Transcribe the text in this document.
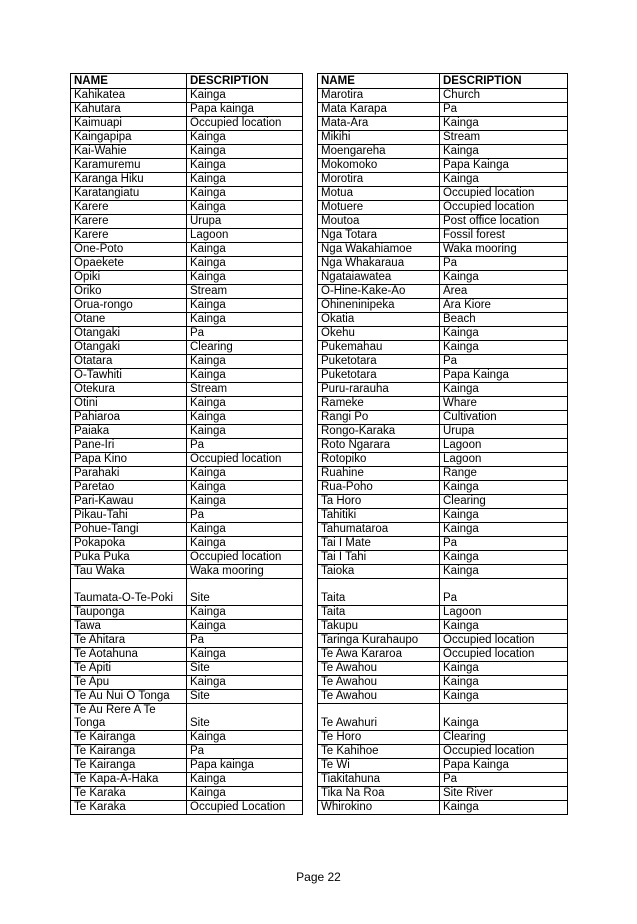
NAME	DESCRIPTION
Kahikatea	Kainga
Kahutara	Papa kainga
Kaimuapi	Occupied location
Kaingapipa	Kainga
Kai-Wahie	Kainga
Karamuremu	Kainga
Karanga Hiku	Kainga
Karatangiatu	Kainga
Karere	Kainga
Karere	Urupa
Karere	Lagoon
One-Poto	Kainga
Opaekete	Kainga
Opiki	Kainga
Oriko	Stream
Orua-rongo	Kainga
Otane	Kainga
Otangaki	Pa
Otangaki	Clearing
Otatara	Kainga
O-Tawhiti	Kainga
Otekura	Stream
Otini	Kainga
Pahiaroa	Kainga
Paiaka	Kainga
Pane-Iri	Pa
Papa Kino	Occupied location
Parahaki	Kainga
Paretao	Kainga
Pari-Kawau	Kainga
Pikau-Tahi	Pa
Pohue-Tangi	Kainga
Pokapoka	Kainga
Puka Puka	Occupied location
Tau Waka	Waka mooring
Taumata-O-Te-Poki	Site
Tauponga	Kainga
Tawa	Kainga
Te Ahitara	Pa
Te Aotahuna	Kainga
Te Apiti	Site
Te Apu	Kainga
Te Au Nui O Tonga	Site
Te Au Rere A Te Tonga	Site
Te Kairanga	Kainga
Te Kairanga	Pa
Te Kairanga	Papa kainga
Te Kapa-A-Haka	Kainga
Te Karaka	Kainga
Te Karaka	Occupied Location
NAME	DESCRIPTION
Marotira	Church
Mata Karapa	Pa
Mata-Ara	Kainga
Mikihi	Stream
Moengareha	Kainga
Mokomoko	Papa Kainga
Morotira	Kainga
Motua	Occupied location
Motuere	Occupied location
Moutoa	Post office location
Nga Totara	Fossil forest
Nga Wakahiamoe	Waka mooring
Nga Whakaraua	Pa
Ngataiawatea	Kainga
O-Hine-Kake-Ao	Area
Ohineninipeka	Ara Kiore
Okatia	Beach
Okehu	Kainga
Pukemahau	Kainga
Puketotara	Pa
Puketotara	Papa Kainga
Puru-rarauha	Kainga
Rameke	Whare
Rangi Po	Cultivation
Rongo-Karaka	Urupa
Roto Ngarara	Lagoon
Rotopiko	Lagoon
Ruahine	Range
Rua-Poho	Kainga
Ta Horo	Clearing
Tahitiki	Kainga
Tahumataroa	Kainga
Tai I Mate	Pa
Tai I Tahi	Kainga
Taioka	Kainga
Taita	Pa
Taita	Lagoon
Takupu	Kainga
Taringa Kurahaupo	Occupied location
Te Awa Kararoa	Occupied location
Te Awahou	Kainga
Te Awahou	Kainga
Te Awahou	Kainga
Te Awahuri	Kainga
Te Horo	Clearing
Te Kahihoe	Occupied location
Te Wi	Papa Kainga
Tiakitahuna	Pa
Tika Na Roa	Site River
Whirokino	Kainga
Page 22
